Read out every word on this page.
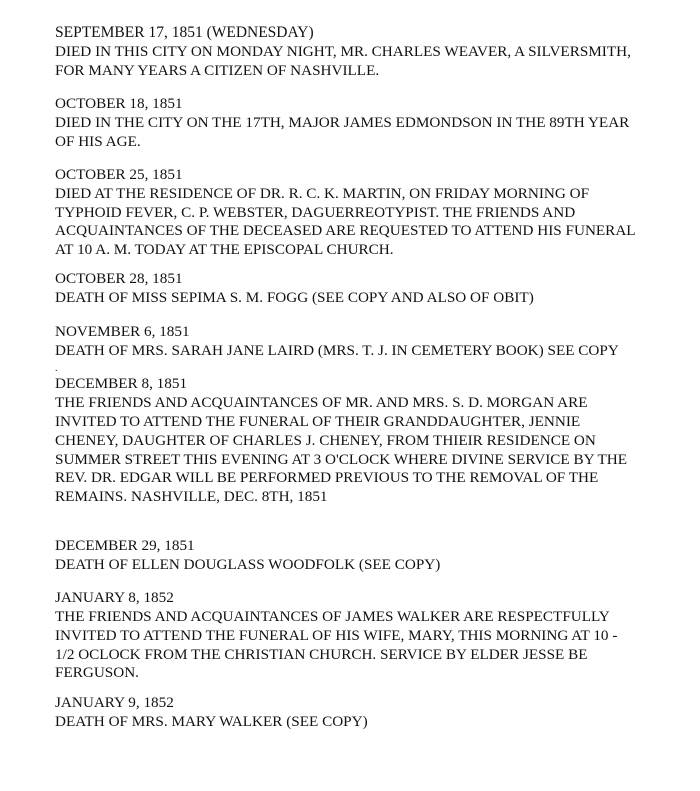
SEPTEMBER 17, 1851 (WEDNESDAY)
DIED IN THIS CITY ON MONDAY NIGHT, MR. CHARLES WEAVER, A SILVERSMITH,
FOR MANY YEARS A CITIZEN OF NASHVILLE.
OCTOBER 18, 1851
DIED IN THE CITY ON THE 17TH, MAJOR JAMES EDMONDSON IN THE 89TH YEAR
OF HIS AGE.
OCTOBER 25, 1851
DIED AT THE RESIDENCE OF DR. R. C. K. MARTIN, ON FRIDAY MORNING OF
TYPHOID FEVER, C. P. WEBSTER, DAGUERREOTYPIST. THE FRIENDS AND
ACQUAINTANCES OF THE DECEASED ARE REQUESTED TO ATTEND HIS FUNERAL
AT 10 A. M. TODAY AT THE EPISCOPAL CHURCH.
OCTOBER 28, 1851
DEATH OF MISS SEPIMA S. M. FOGG (SEE COPY AND ALSO OF OBIT)
NOVEMBER 6, 1851
DEATH OF MRS. SARAH JANE LAIRD (MRS. T. J. IN CEMETERY BOOK) SEE COPY
.
DECEMBER 8, 1851
THE FRIENDS AND ACQUAINTANCES OF MR. AND MRS. S. D. MORGAN ARE
INVITED TO ATTEND THE FUNERAL OF THEIR GRANDDAUGHTER, JENNIE
CHENEY, DAUGHTER OF CHARLES J. CHENEY, FROM THIEIR RESIDENCE ON
SUMMER STREET THIS EVENING AT 3 O'CLOCK WHERE DIVINE SERVICE BY THE
REV. DR. EDGAR WILL BE PERFORMED PREVIOUS TO THE REMOVAL OF THE
REMAINS. NASHVILLE, DEC. 8TH, 1851
DECEMBER 29, 1851
DEATH OF ELLEN DOUGLASS WOODFOLK (SEE COPY)
JANUARY 8, 1852
THE FRIENDS AND ACQUAINTANCES OF JAMES WALKER ARE RESPECTFULLY
INVITED TO ATTEND THE FUNERAL OF HIS WIFE, MARY, THIS MORNING AT 10 -
1/2 OCLOCK FROM THE CHRISTIAN CHURCH. SERVICE BY ELDER JESSE BE
FERGUSON.
JANUARY 9, 1852
DEATH OF MRS. MARY WALKER (SEE COPY)
